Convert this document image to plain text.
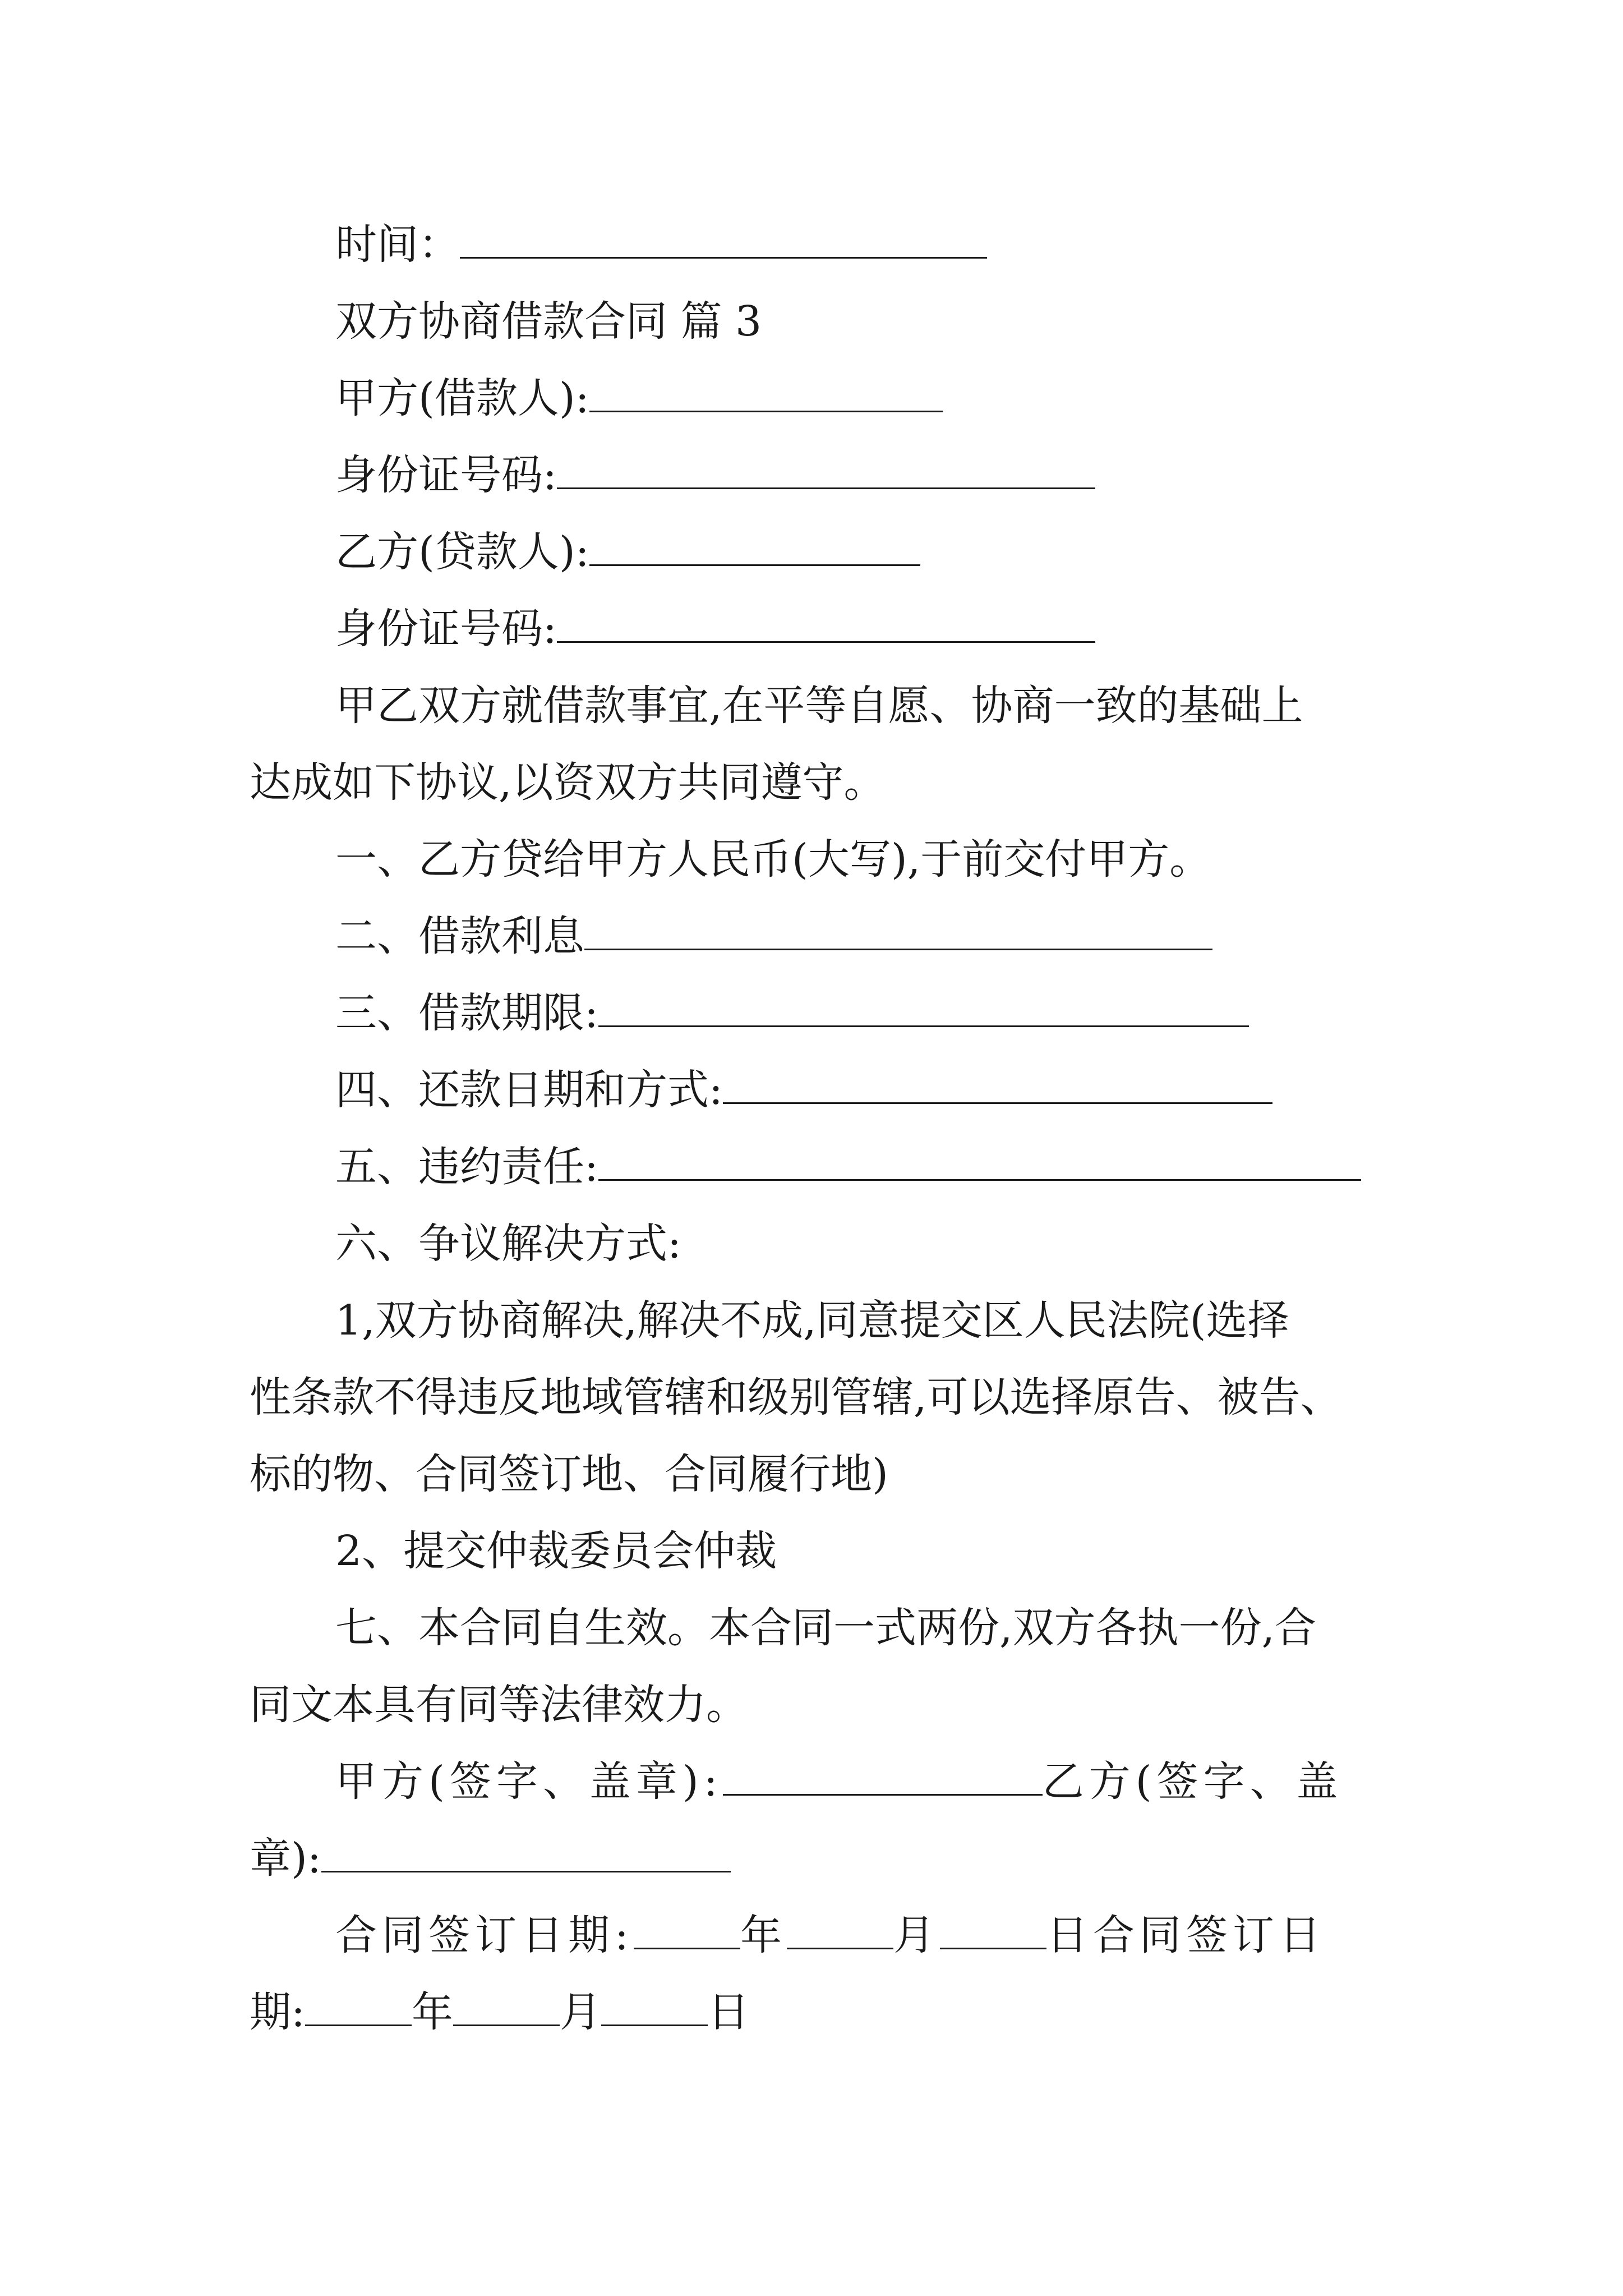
时间：
双方协商借款合同 篇 3
甲方(借款人):
身份证号码:
乙方(贷款人):
身份证号码:
甲乙双方就借款事宜,在平等自愿、协商一致的基础上
达成如下协议,以资双方共同遵守。
一、乙方贷给甲方人民币(大写),于前交付甲方。
二、借款利息
三、借款期限:
四、还款日期和方式:
五、违约责任:
六、争议解决方式:
1,双方协商解决,解决不成,同意提交区人民法院(选择
性条款不得违反地域管辖和级别管辖,可以选择原告、被告、
标的物、合同签订地、合同履行地)
2、提交仲裁委员会仲裁
七、本合同自生效。本合同一式两份,双方各执一份,合
同文本具有同等法律效力。
甲方(签字、盖章):	乙方(签字、盖
章):
合同签订日期:	年	月	日合同签订日
期:	年	月	日
